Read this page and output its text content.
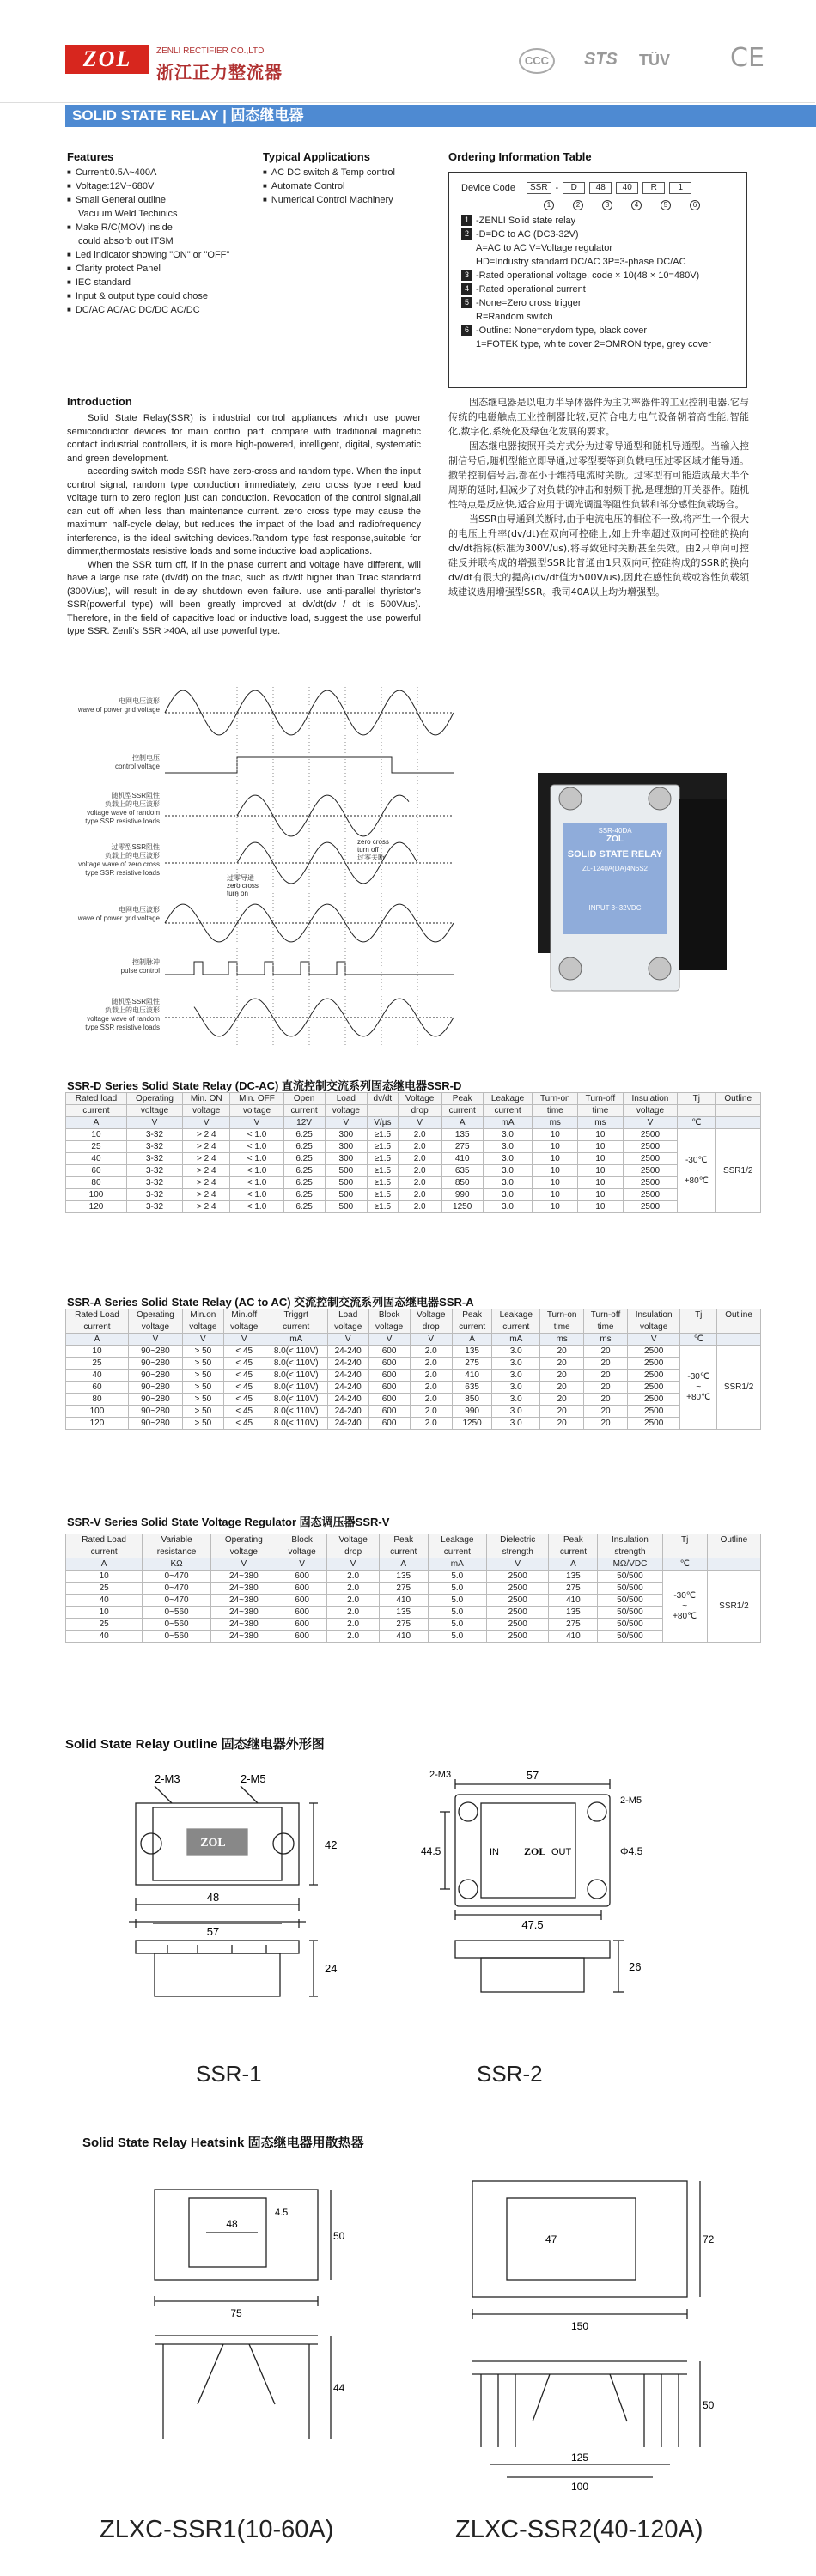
ZOL	ZENLI RECTIFIER CO.,LTD
浙江正力整流器
CCC	STS TÜV CE
SOLID STATE RELAY | 固态继电器
Features
■ Current:0.5A~400A
■ Voltage:12V~680V
■ Small General outline
Vacuum Weld Techinics
■ Make R/C(MOV) inside
could absorb out ITSM
■ Led indicator showing "ON" or "OFF"
■ Clarity protect Panel
■ IEC standard
■ Input & output type could chose
■ DC/AC AC/AC DC/DC AC/DC
Typical Applications
■ AC DC switch & Temp control
■ Automate Control
■ Numerical Control Machinery
Ordering Information Table
Device Code	SSR -	D	48	40	R	1
1	2	3	4	5	6
1 -ZENLI Solid state relay
2 -D=DC to AC (DC3-32V)
A=AC to AC V=Voltage regulator
HD=Industry standard DC/AC 3P=3-phase DC/AC
3 -Rated operational voltage, code × 10(48 × 10=480V)
4 -Rated operational current
5 -None=Zero cross trigger
R=Random switch
6 -Outline: None=crydom type, black cover
1=FOTEK type, white cover 2=OMRON type, grey cover
Introduction

Solid State Relay(SSR) is industrial control appliances which use power semiconductor devices for main control part, compare with traditional magnetic contact industrial controllers, it is more high-powered, intelligent, digital, systematic and green development.

according switch mode SSR have zero-cross and random type. When the input control signal, random type conduction immediately, zero cross type need load voltage turn to zero region just can conduction. Revocation of the control signal,all can cut off when less than maintenance current. zero cross type may cause the maximum half-cycle delay, but reduces the impact of the load and radiofrequency interference, is the ideal switching devices.Random type fast response,suitable for dimmer,thermostats resistive loads and some inductive load applications.

When the SSR turn off, if in the phase current and voltage have different, will have a large rise rate (dv/dt) on the triac, such as dv/dt higher than Triac standatrd (300V/us), will result in delay shutdown even failure. use anti-parallel thyristor's SSR(powerful type) will been greatly improved at dv/dt(dv / dt is 500V/us). Therefore, in the field of capacitive load or inductive load, suggest the use powerful type SSR. Zenli's SSR >40A, all use powerful type.

固态继电器是以电力半导体器件为主功率器件的工业控制电器,它与传统的电磁触点工业控制器比较,更符合电力电气设备朝着高性能,智能化,数字化,系统化及绿色化发展的要求。

固态继电器按照开关方式分为过零导通型和随机导通型。当输入控制信号后,随机型能立即导通,过零型要等到负载电压过零区域才能导通。撤销控制信号后,都在小于维持电流时关断。过零型有可能造成最大半个周期的延时,但减少了对负载的冲击和射频干扰,是理想的开关器件。随机性特点是反应快,适合应用于调光调温等阻性负载和部分感性负载场合。

当SSR由导通到关断时,由于电流电压的相位不一致,将产生一个很大的电压上升率(dv/dt)在双向可控硅上,如上升率超过双向可控硅的换向dv/dt指标(标准为300V/us),将导致延时关断甚至失效。由2只单向可控硅反并联构成的增强型SSR比普通由1只双向可控硅构成的SSR的换向dv/dt有很大的提高(dv/dt值为500V/us),因此在感性负载或容性负载领域建议选用增强型SSR。我司40A以上均为增强型。

电网电压波形
wave of power grid voltage
控制电压
control voltage
随机型SSR阻性
负载上的电压波形
voltage wave of random
type SSR resistive loads
过零型SSR阻性
负载上的电压波形
voltage wave of zero cross
type SSR resistive loads
电网电压波形
wave of power grid voltage
控制脉冲
pulse control
随机型SSR阻性
负载上的电压波形
voltage wave of random
type SSR resistive loads
过零导通
zero cross
turn on
zero cross
turn off
过零关断
ZOL
SOLID STATE RELAY
ZL-1240A(DA)4N6S2
SSR-40DA
INPUT 3~32VDC
SSR-D Series Solid State Relay (DC-AC) 直流控制交流系列固态继电器SSR-D
Rated load	Operating	Min. ON	Min. OFF	Open	Load	dv/dt	Voltage	Peak	Leakage	Turn-on	Turn-off	Insulation	Tj	Outline
current	voltage	voltage	voltage	current	voltage		drop	current	current	time	time	voltage		
A	V	V	V	12V	V	V/µs	V	A	mA	ms	ms	V	℃	
10	3-32	> 2.4	< 1.0	6.25	300	≥1.5	2.0	135	3.0	10	10	2500	-30℃
~
+80℃	SSR1/2
25	3-32	> 2.4	< 1.0	6.25	300	≥1.5	2.0	275	3.0	10	10	2500		
40	3-32	> 2.4	< 1.0	6.25	300	≥1.5	2.0	410	3.0	10	10	2500		
60	3-32	> 2.4	< 1.0	6.25	500	≥1.5	2.0	635	3.0	10	10	2500		
80	3-32	> 2.4	< 1.0	6.25	500	≥1.5	2.0	850	3.0	10	10	2500		
100	3-32	> 2.4	< 1.0	6.25	500	≥1.5	2.0	990	3.0	10	10	2500		
120	3-32	> 2.4	< 1.0	6.25	500	≥1.5	2.0	1250	3.0	10	10	2500		
SSR-A Series Solid State Relay (AC to AC) 交流控制交流系列固态继电器SSR-A
Rated Load	Operating	Min.on	Min.off	Triggrt	Load	Block	Voltage	Peak	Leakage	Turn-on	Turn-off	Insulation	Tj	Outline
current	voltage	voltage	voltage	current	voltage	voltage	drop	current	current	time	time	voltage		
A	V	V	V	mA	V	V	V	A	mA	ms	ms	V	℃	
10	90~280	> 50	< 45	8.0(< 110V)	24-240	600	2.0	135	3.0	20	20	2500	-30℃
~
+80℃	SSR1/2
25	90~280	> 50	< 45	8.0(< 110V)	24-240	600	2.0	275	3.0	20	20	2500		
40	90~280	> 50	< 45	8.0(< 110V)	24-240	600	2.0	410	3.0	20	20	2500		
60	90~280	> 50	< 45	8.0(< 110V)	24-240	600	2.0	635	3.0	20	20	2500		
80	90~280	> 50	< 45	8.0(< 110V)	24-240	600	2.0	850	3.0	20	20	2500		
100	90~280	> 50	< 45	8.0(< 110V)	24-240	600	2.0	990	3.0	20	20	2500		
120	90~280	> 50	< 45	8.0(< 110V)	24-240	600	2.0	1250	3.0	20	20	2500		
SSR-V Series Solid State Voltage Regulator 固态调压器SSR-V
Rated Load	Variable	Operating	Block	Voltage	Peak	Leakage	Dielectric	Peak	Insulation	Tj	Outline
current	resistance	voltage	voltage	drop	current	current	strength	current	strength		
A	KΩ	V	V	V	A	mA	V	A	MΩ/VDC	℃	
10	0~470	24~380	600	2.0	135	5.0	2500	135	50/500	-30℃
~
+80℃	SSR1/2
25	0~470	24~380	600	2.0	275	5.0	2500	275	50/500		
40	0~470	24~380	600	2.0	410	5.0	2500	410	50/500		
10	0~560	24~380	600	2.0	135	5.0	2500	135	50/500		
25	0~560	24~380	600	2.0	275	5.0	2500	275	50/500		
40	0~560	24~380	600	2.0	410	5.0	2500	410	50/500		
Solid State Relay Outline 固态继电器外形图
ZOL
2-M3	2-M5
42
48
57
24
SSR-1
57
47.5
44.5	Φ4.5
2-M3
2-M5
IN	OUT
ZOL
26
SSR-2
Solid State Relay Heatsink 固态继电器用散热器
48
4.5
50
75
44
ZLXC-SSR1(10-60A)
47	72
150
50
125
100
ZLXC-SSR2(40-120A)
